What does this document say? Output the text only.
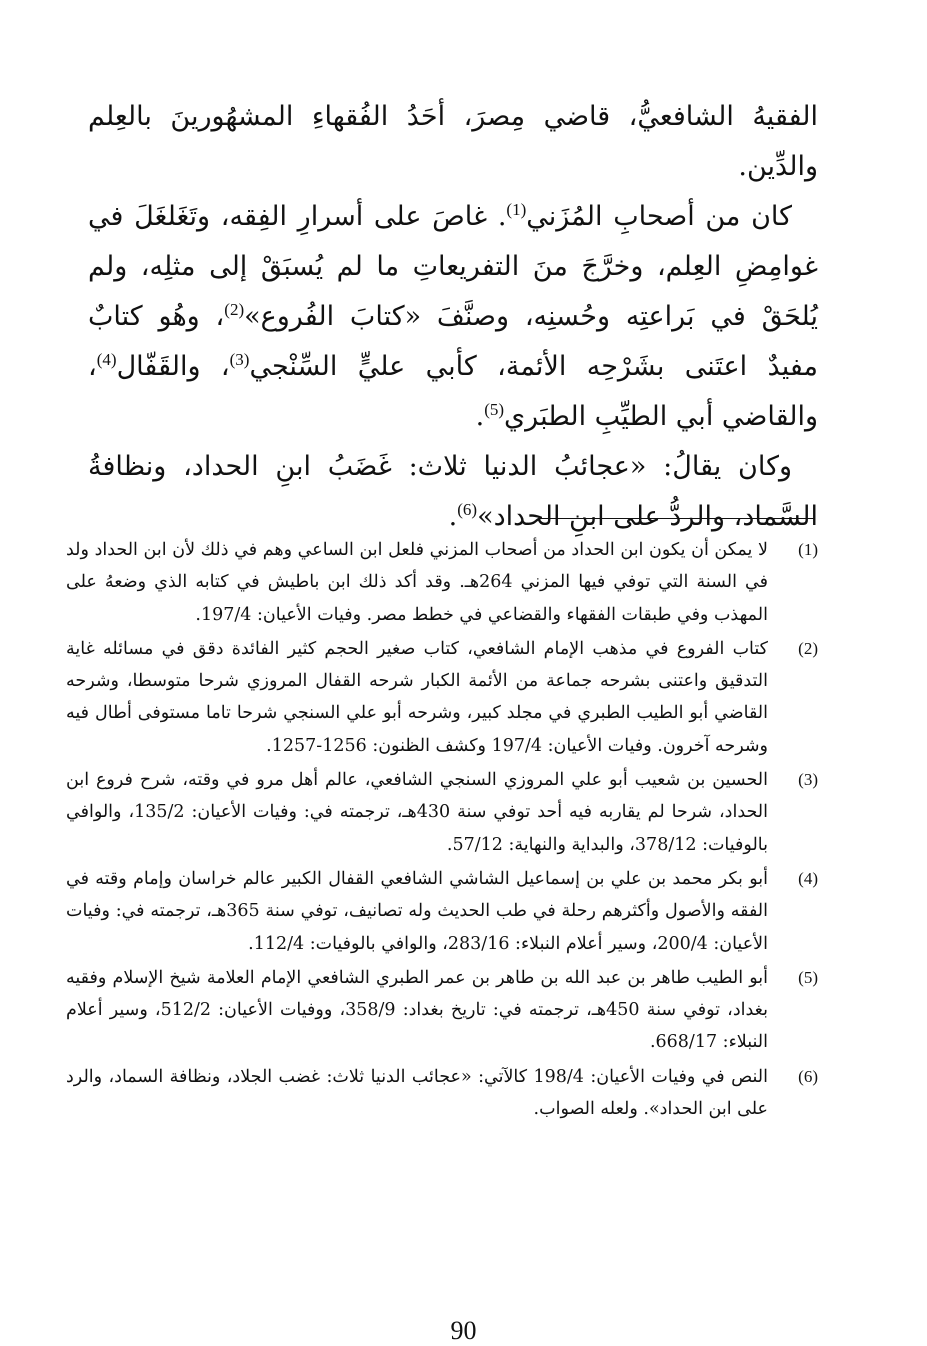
الفقيهُ الشافعيُّ، قاضي مِصرَ، أحَدُ الفُقهاءِ المشهُورينَ بالعِلم والدِّين.

كان من أصحابِ المُزَني$^{(1)}$. غاصَ على أسرارِ الفِقه، وتَغَلغَلَ في غوامِضِ العِلم، وخرَّجَ منَ التفريعاتِ ما لم يُسبَقْ إلى مثلِه، ولم يُلحَقْ في بَراعتِه وحُسنِه، وصنَّفَ «كتابَ الفُروع»$^{(2)}$، وهُو كتابٌ مفيدٌ اعتَنى بشَرْحِه الأئمة، كأبي عليٍّ السِّنْجي$^{(3)}$، والقَفّال$^{(4)}$، والقاضي أبي الطيِّبِ الطبَري$^{(5)}$.

وكان يقالُ: «عجائبُ الدنيا ثلاث: غَضَبُ ابنِ الحداد، ونظافةُ السَّماد، والردُّ على ابنِ الحداد»$^{(6)}$.

(1)
لا يمكن أن يكون ابن الحداد من أصحاب المزني فلعل ابن الساعي وهم في ذلك لأن ابن الحداد ولد في السنة التي توفي فيها المزني 264هـ. وقد أكد ذلك ابن باطيش في كتابه الذي وضعهُ على المهذب وفي طبقات الفقهاء والقضاعي في خطط مصر. وفيات الأعيان: 197/4.
(2)
كتاب الفروع في مذهب الإمام الشافعي، كتاب صغير الحجم كثير الفائدة دقق في مسائله غاية التدقيق واعتنى بشرحه جماعة من الأئمة الكبار شرحه القفال المروزي شرحا متوسطا، وشرحه القاضي أبو الطيب الطبري في مجلد كبير، وشرحه أبو علي السنجي شرحا تاما مستوفى أطال فيه وشرحه آخرون. وفيات الأعيان: 197/4 وكشف الظنون: 1256-1257.
(3)
الحسين بن شعيب أبو علي المروزي السنجي الشافعي، عالم أهل مرو في وقته، شرح فروع ابن الحداد، شرحا لم يقاربه فيه أحد توفي سنة 430هـ، ترجمته في: وفيات الأعيان: 135/2، والوافي بالوفيات: 378/12، والبداية والنهاية: 57/12.
(4)
أبو بكر محمد بن علي بن إسماعيل الشاشي الشافعي القفال الكبير عالم خراسان وإمام وقته في الفقه والأصول وأكثرهم رحلة في طب الحديث وله تصانيف، توفي سنة 365هـ، ترجمته في: وفيات الأعيان: 200/4، وسير أعلام النبلاء: 283/16، والوافي بالوفيات: 112/4.
(5)
أبو الطيب طاهر بن عبد الله بن طاهر بن عمر الطبري الشافعي الإمام العلامة شيخ الإسلام وفقيه بغداد، توفي سنة 450هـ، ترجمته في: تاريخ بغداد: 358/9، ووفيات الأعيان: 512/2، وسير أعلام النبلاء: 668/17.
(6)
النص في وفيات الأعيان: 198/4 كالآتي: «عجائب الدنيا ثلاث: غضب الجلاد، ونظافة السماد، والرد على ابن الحداد». ولعله الصواب.
90
